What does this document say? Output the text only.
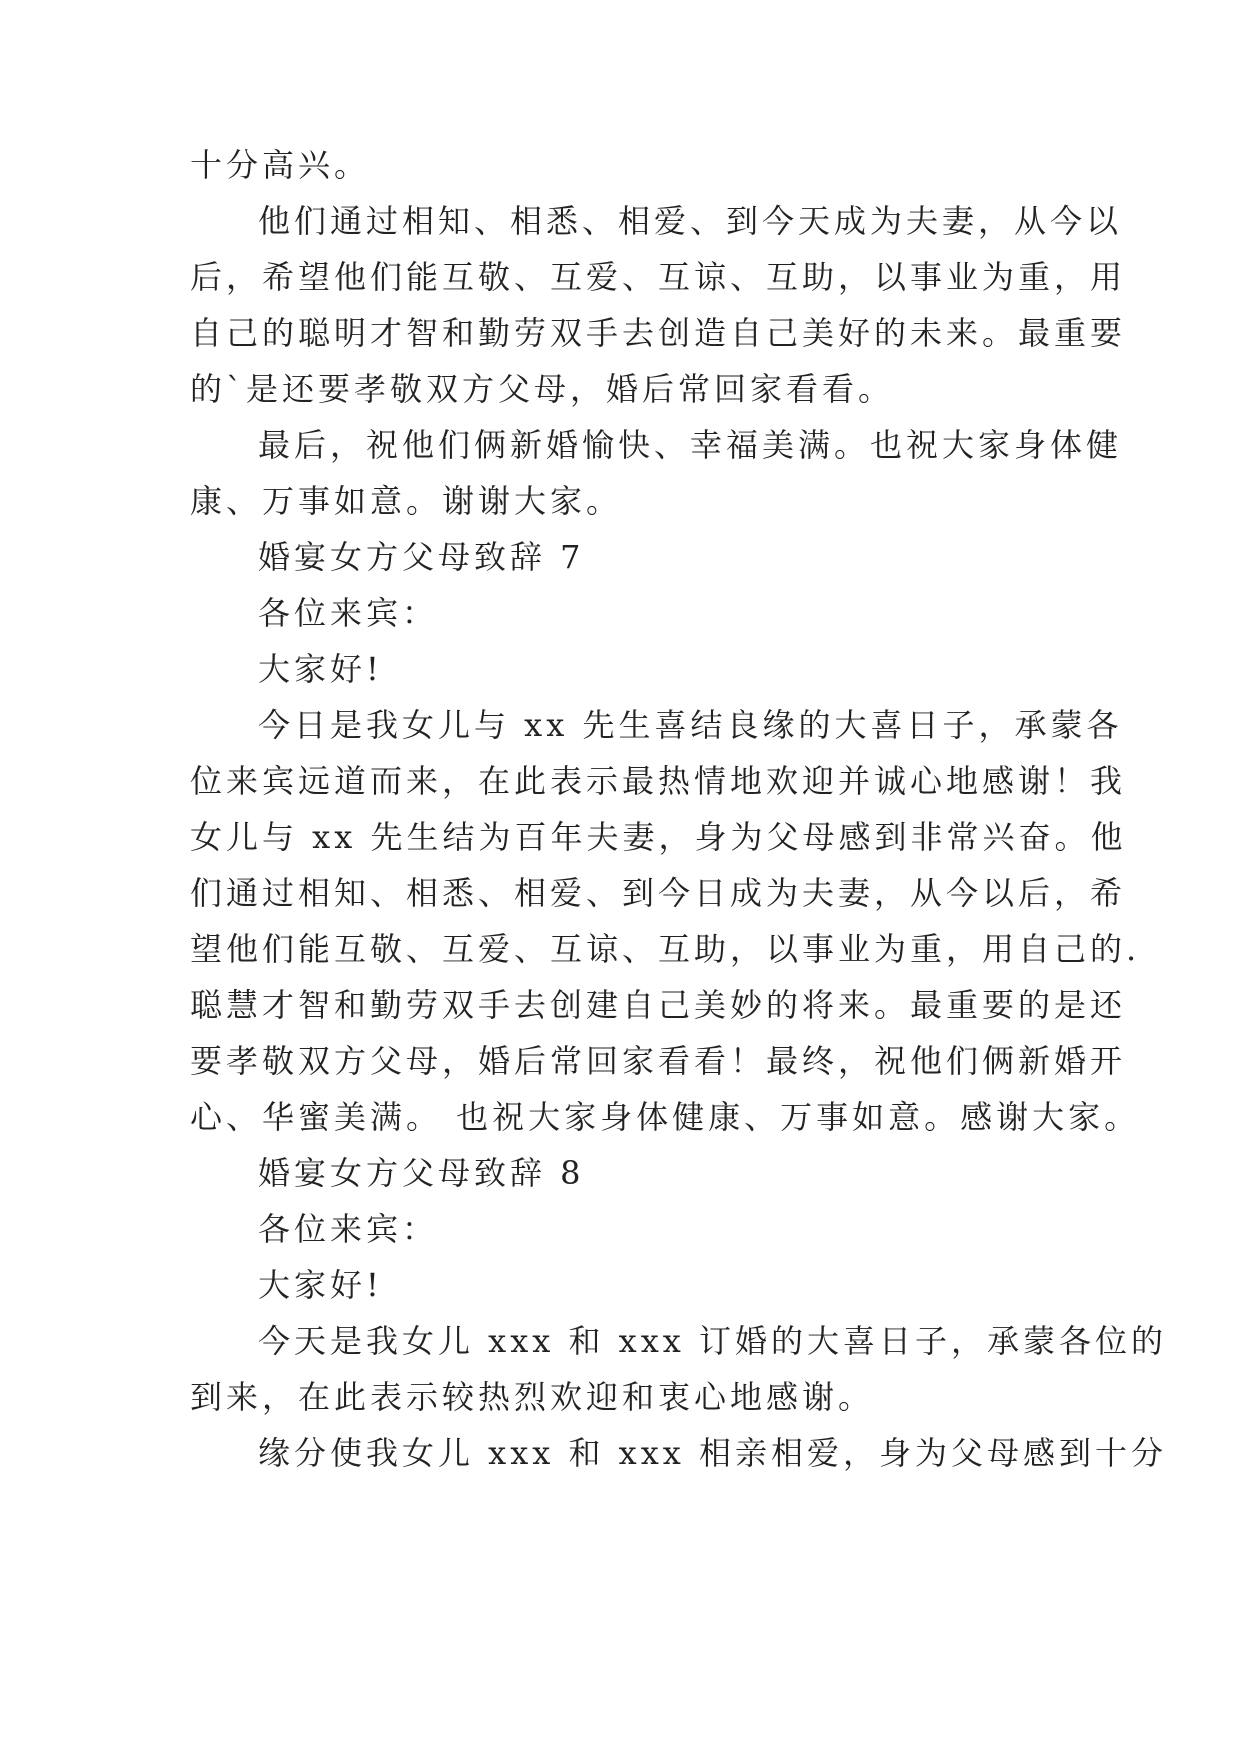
十分高兴。
他们通过相知、相悉、相爱、到今天成为夫妻，从今以
后，希望他们能互敬、互爱、互谅、互助，以事业为重，用
自己的聪明才智和勤劳双手去创造自己美好的未来。最重要
的`是还要孝敬双方父母，婚后常回家看看。
最后，祝他们俩新婚愉快、幸福美满。也祝大家身体健
康、万事如意。谢谢大家。
婚宴女方父母致辞 7
各位来宾：
大家好!
今日是我女儿与 xx 先生喜结良缘的大喜日子，承蒙各
位来宾远道而来，在此表示最热情地欢迎并诚心地感谢！我
女儿与 xx 先生结为百年夫妻，身为父母感到非常兴奋。他
们通过相知、相悉、相爱、到今日成为夫妻，从今以后，希
望他们能互敬、互爱、互谅、互助，以事业为重，用自己的.
聪慧才智和勤劳双手去创建自己美妙的将来。最重要的是还
要孝敬双方父母，婚后常回家看看！最终，祝他们俩新婚开
心、华蜜美满。 也祝大家身体健康、万事如意。感谢大家。
婚宴女方父母致辞 8
各位来宾：
大家好!
今天是我女儿 xxx 和 xxx 订婚的大喜日子，承蒙各位的
到来，在此表示较热烈欢迎和衷心地感谢。
缘分使我女儿 xxx 和 xxx 相亲相爱，身为父母感到十分
